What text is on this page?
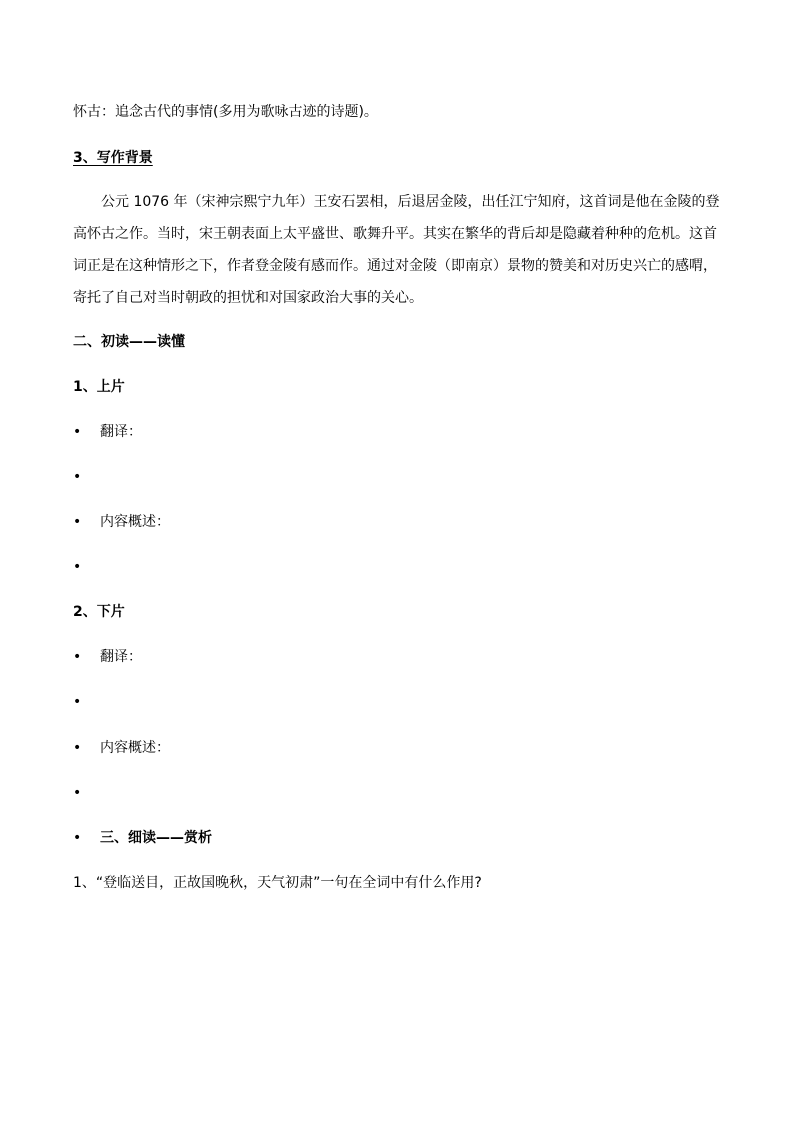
怀古：追念古代的事情(多用为歌咏古迹的诗题)。
3、写作背景
公元 1076 年（宋神宗熙宁九年）王安石罢相，后退居金陵，出任江宁知府，这首词是他在金陵的登高怀古之作。当时，宋王朝表面上太平盛世、歌舞升平。其实在繁华的背后却是隐藏着种种的危机。这首词正是在这种情形之下，作者登金陵有感而作。通过对金陵（即南京）景物的赞美和对历史兴亡的感喟，寄托了自己对当时朝政的担忧和对国家政治大事的关心。
二、初读——读懂
1、上片
• 翻译：
•
• 内容概述：
•
2、下片
• 翻译：
•
• 内容概述：
•
• 三、细读——赏析
1、“登临送目，正故国晚秋，天气初肃”一句在全词中有什么作用?
